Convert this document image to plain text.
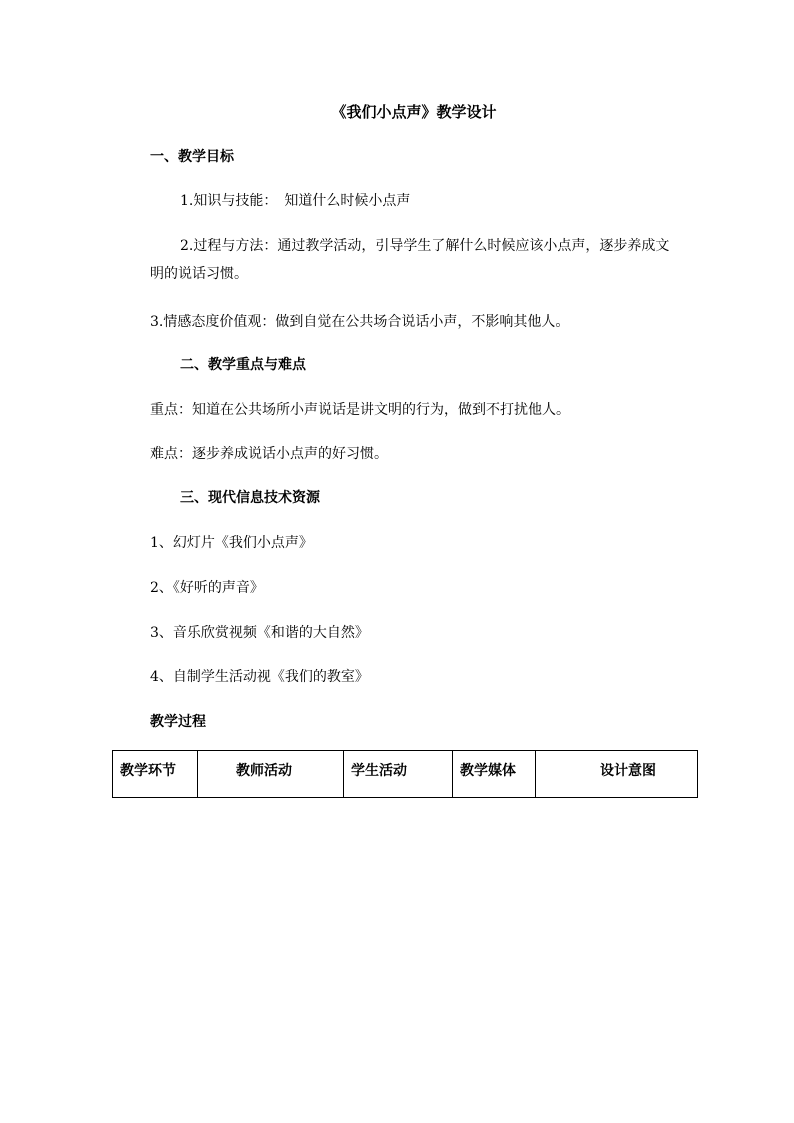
《我们小点声》教学设计
一、教学目标
1.知识与技能：　知道什么时候小点声
2.过程与方法：通过教学活动，引导学生了解什么时候应该小点声，逐步养成文明的说话习惯。
3.情感态度价值观：做到自觉在公共场合说话小声，不影响其他人。
二、教学重点与难点
重点：知道在公共场所小声说话是讲文明的行为，做到不打扰他人。
难点：逐步养成说话小点声的好习惯。
三、现代信息技术资源
1、幻灯片《我们小点声》
2、《好听的声音》
3、音乐欣赏视频《和谐的大自然》
4、自制学生活动视《我们的教室》
教学过程
教学环节	教师活动	学生活动	教学媒体	设计意图
